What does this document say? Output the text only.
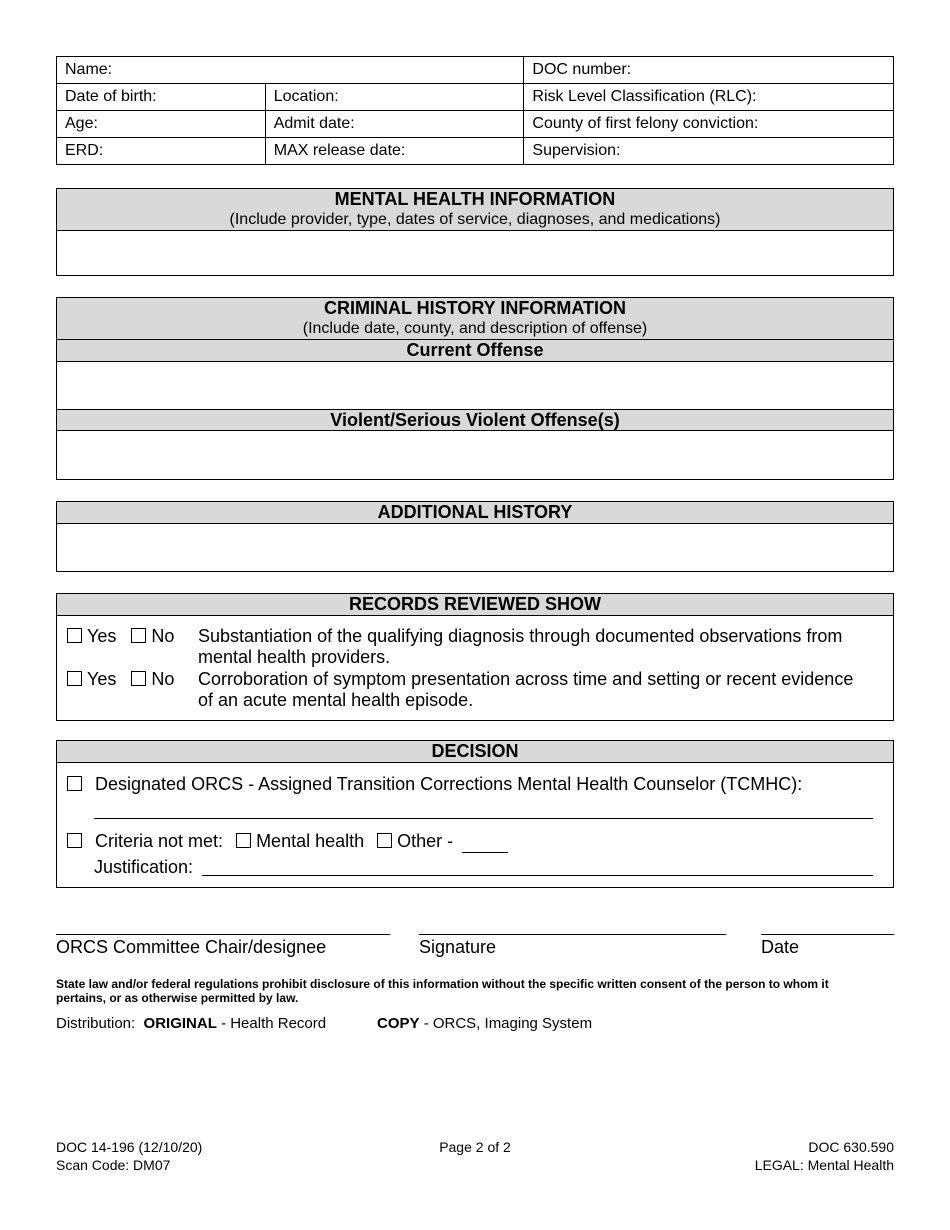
Name:		DOC number:
Date of birth:	Location:	Risk Level Classification (RLC):
Age:	Admit date:	County of first felony conviction:
ERD:	MAX release date:	Supervision:
MENTAL HEALTH INFORMATION
(Include provider, type, dates of service, diagnoses, and medications)
CRIMINAL HISTORY INFORMATION
(Include date, county, and description of offense)
Current Offense
Violent/Serious Violent Offense(s)
ADDITIONAL HISTORY
RECORDS REVIEWED SHOW
Yes No Substantiation of the qualifying diagnosis through documented observations from
mental health providers.
Yes No Corroboration of symptom presentation across time and setting or recent evidence
of an acute mental health episode.
DECISION
Designated ORCS - Assigned Transition Corrections Mental Health Counselor (TCMHC):
Criteria not met: Mental health Other -
Justification:
ORCS Committee Chair/designee	Signature	Date
State law and/or federal regulations prohibit disclosure of this information without the specific written consent of the person to whom it
pertains, or as otherwise permitted by law.
Distribution: ORIGINAL - Health Record	COPY - ORCS, Imaging System
DOC 14-196 (12/10/20)
Scan Code: DM07
Page 2 of 2	DOC 630.590
LEGAL: Mental Health
